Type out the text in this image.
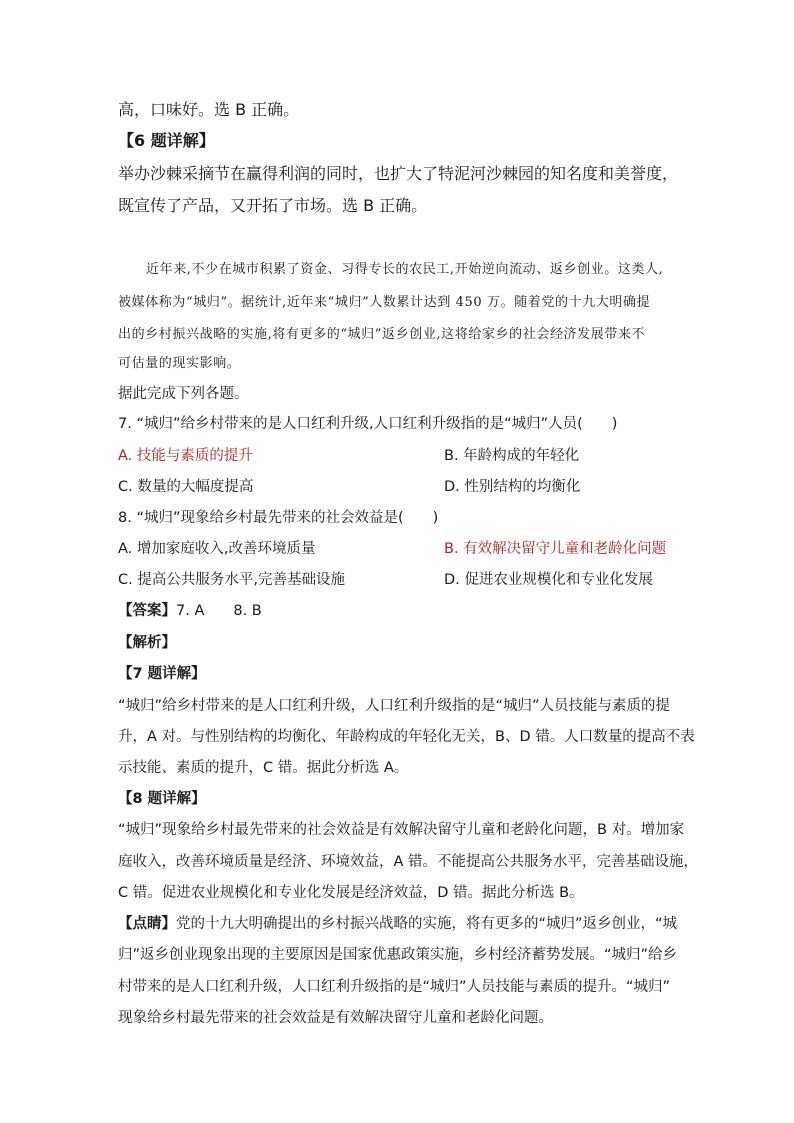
高，口味好。选 B 正确。
【6 题详解】
举办沙棘采摘节在赢得利润的同时，也扩大了特泥河沙棘园的知名度和美誉度，
既宣传了产品，又开拓了市场。选 B 正确。
近年来,不少在城市积累了资金、习得专长的农民工,开始逆向流动、返乡创业。这类人,
被媒体称为“城归”。据统计,近年来“城归”人数累计达到 450 万。随着党的十九大明确提
出的乡村振兴战略的实施,将有更多的“城归”返乡创业,这将给家乡的社会经济发展带来不
可估量的现实影响。
据此完成下列各题。
7. “城归”给乡村带来的是人口红利升级,人口红利升级指的是“城归”人员(　　)
A. 技能与素质的提升	B. 年龄构成的年轻化
C. 数量的大幅度提高	D. 性别结构的均衡化
8. “城归”现象给乡村最先带来的社会效益是(　　)
A. 增加家庭收入,改善环境质量	B. 有效解决留守儿童和老龄化问题
C. 提高公共服务水平,完善基础设施	D. 促进农业规模化和专业化发展
【答案】7. A　　8. B
【解析】
【7 题详解】
“城归”给乡村带来的是人口红利升级，人口红利升级指的是“城归”人员技能与素质的提
升，A 对。与性别结构的均衡化、年龄构成的年轻化无关，B、D 错。人口数量的提高不表
示技能、素质的提升，C 错。据此分析选 A。
【8 题详解】
“城归”现象给乡村最先带来的社会效益是有效解决留守儿童和老龄化问题，B 对。增加家
庭收入，改善环境质量是经济、环境效益，A 错。不能提高公共服务水平，完善基础设施，
C 错。促进农业规模化和专业化发展是经济效益，D 错。据此分析选 B。
【点睛】党的十九大明确提出的乡村振兴战略的实施，将有更多的“城归”返乡创业，“城
归”返乡创业现象出现的主要原因是国家优惠政策实施，乡村经济蓄势发展。“城归”给乡
村带来的是人口红利升级，人口红利升级指的是“城归”人员技能与素质的提升。“城归”
现象给乡村最先带来的社会效益是有效解决留守儿童和老龄化问题。
